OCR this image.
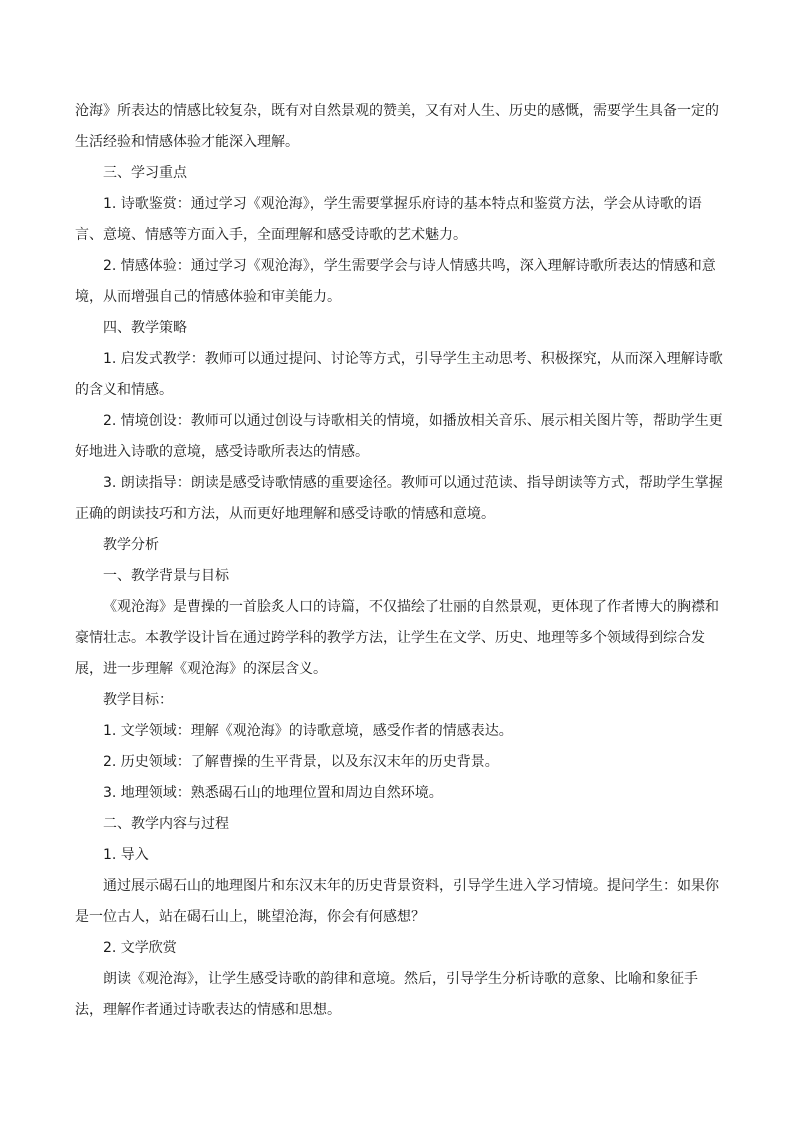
沧海》所表达的情感比较复杂，既有对自然景观的赞美，又有对人生、历史的感慨，需要学生具备一定的生活经验和情感体验才能深入理解。

三、学习重点

1. 诗歌鉴赏：通过学习《观沧海》，学生需要掌握乐府诗的基本特点和鉴赏方法，学会从诗歌的语言、意境、情感等方面入手，全面理解和感受诗歌的艺术魅力。

2. 情感体验：通过学习《观沧海》，学生需要学会与诗人情感共鸣，深入理解诗歌所表达的情感和意境，从而增强自己的情感体验和审美能力。

四、教学策略

1. 启发式教学：教师可以通过提问、讨论等方式，引导学生主动思考、积极探究，从而深入理解诗歌的含义和情感。

2. 情境创设：教师可以通过创设与诗歌相关的情境，如播放相关音乐、展示相关图片等，帮助学生更好地进入诗歌的意境，感受诗歌所表达的情感。

3. 朗读指导：朗读是感受诗歌情感的重要途径。教师可以通过范读、指导朗读等方式，帮助学生掌握正确的朗读技巧和方法，从而更好地理解和感受诗歌的情感和意境。

教学分析

一、教学背景与目标

《观沧海》是曹操的一首脍炙人口的诗篇，不仅描绘了壮丽的自然景观，更体现了作者博大的胸襟和豪情壮志。本教学设计旨在通过跨学科的教学方法，让学生在文学、历史、地理等多个领域得到综合发展，进一步理解《观沧海》的深层含义。

教学目标：

1. 文学领域：理解《观沧海》的诗歌意境，感受作者的情感表达。

2. 历史领域：了解曹操的生平背景，以及东汉末年的历史背景。

3. 地理领域：熟悉碣石山的地理位置和周边自然环境。

二、教学内容与过程

1. 导入

通过展示碣石山的地理图片和东汉末年的历史背景资料，引导学生进入学习情境。提问学生：如果你是一位古人，站在碣石山上，眺望沧海，你会有何感想？

2. 文学欣赏

朗读《观沧海》，让学生感受诗歌的韵律和意境。然后，引导学生分析诗歌的意象、比喻和象征手法，理解作者通过诗歌表达的情感和思想。
